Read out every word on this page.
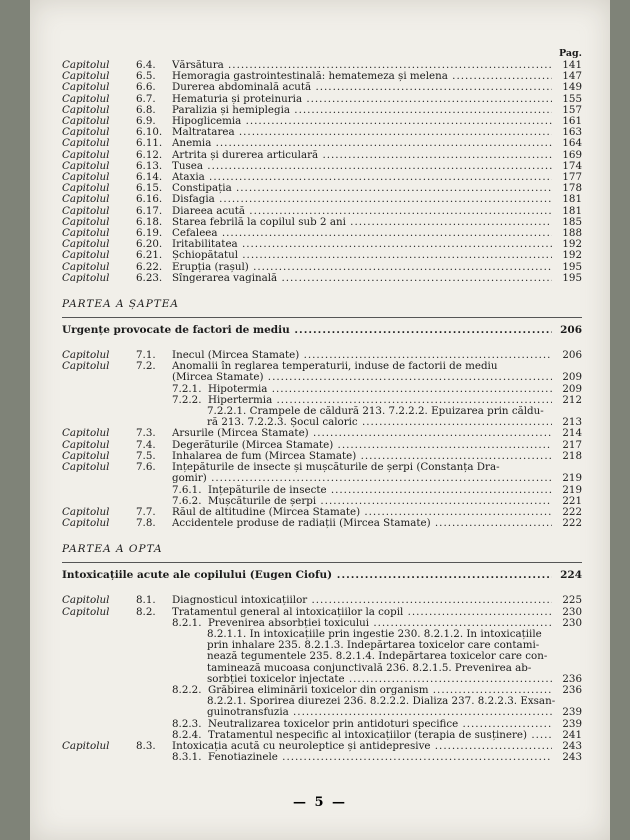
Pag.
Capitolul	6.4.	Vărsătura .....	141
Capitolul	6.5.	Hemoragia gastrointestinală: hematemeza și melena .....	147
Capitolul	6.6.	Durerea abdominală acută .....	149
Capitolul	6.7.	Hematuria și proteinuria .....	155
Capitolul	6.8.	Paralizia și hemiplegia .....	157
Capitolul	6.9.	Hipoglicemia .....	161
Capitolul	6.10. Maltratarea .....	163
Capitolul	6.11. Anemia .....	164
Capitolul	6.12. Artrita și durerea articulară .....	169
Capitolul	6.13. Tusea .....	174
Capitolul	6.14. Ataxia .....	177
Capitolul	6.15. Constipația .....	178
Capitolul	6.16. Disfagia .....	181
Capitolul	6.17. Diareea acută .....	181
Capitolul	6.18. Starea febrilă la copilul sub 2 ani .....	185
Capitolul	6.19. Cefaleea .....	188
Capitolul	6.20. Iritabilitatea .....	192
Capitolul	6.21. Șchiopătatul .....	192
Capitolul	6.22. Erupția (rașul) .....	195
Capitolul	6.23. Sîngerarea vaginală .....	195
PARTEA A ȘAPTEA
Urgențe provocate de factori de mediu .....	206
Capitolul	7.1.	Înecul (Mircea Stamate) .....	206
Capitolul	7.2.	Anomalii în reglarea temperaturii, induse de factorii de mediu
(Mircea Stamate) .....	209
7.2.1. Hipotermia .....	209
7.2.2. Hipertermia .....	212
7.2.2.1. Crampele de căldură 213. 7.2.2.2. Epuizarea prin căldu-
ră 213. 7.2.2.3. Șocul caloric .....	213
Capitolul	7.3.	Arsurile (Mircea Stamate) .....	214
Capitolul	7.4.	Degerăturile (Mircea Stamate) .....	217
Capitolul	7.5.	Inhalarea de fum (Mircea Stamate) .....	218
Capitolul	7.6.	Înțepăturile de insecte și mușcăturile de șerpi (Constanța Dra-
gomir) .....	219
7.6.1. Înțepăturile de insecte .....	219
7.6.2. Mușcăturile de șerpi .....	221
Capitolul	7.7.	Răul de altitudine (Mircea Stamate) .....	222
Capitolul	7.8.	Accidentele produse de radiații (Mircea Stamate) .....	222
PARTEA A OPTA
Intoxicațiile acute ale copilului (Eugen Ciofu) .....	224
Capitolul	8.1.	Diagnosticul intoxicațiilor .....	225
Capitolul	8.2.	Tratamentul general al intoxicațiilor la copil .....	230
8.2.1. Prevenirea absorbției toxicului .....	230
8.2.1.1. În intoxicațiile prin ingestie 230. 8.2.1.2. În intoxicațiile
prin inhalare 235. 8.2.1.3. Îndepărtarea toxicelor care contami-
nează tegumentele 235. 8.2.1.4. Îndepărtarea toxicelor care con-
taminează mucoasa conjunctivală 236. 8.2.1.5. Prevenirea ab-
sorbției toxicelor injectate .....	236
8.2.2. Grăbirea eliminării toxicelor din organism .....	236
8.2.2.1. Sporirea diurezei 236. 8.2.2.2. Dializa 237. 8.2.2.3. Exsan-
guinotransfuzia .....	239
8.2.3. Neutralizarea toxicelor prin antidoturi specifice .....	239
8.2.4. Tratamentul nespecific al intoxicațiilor (terapia de susținere) .....	241
Capitolul	8.3.	Intoxicația acută cu neuroleptice și antidepresive .....	243
8.3.1. Fenotiazinele .....	243
— 5 —
